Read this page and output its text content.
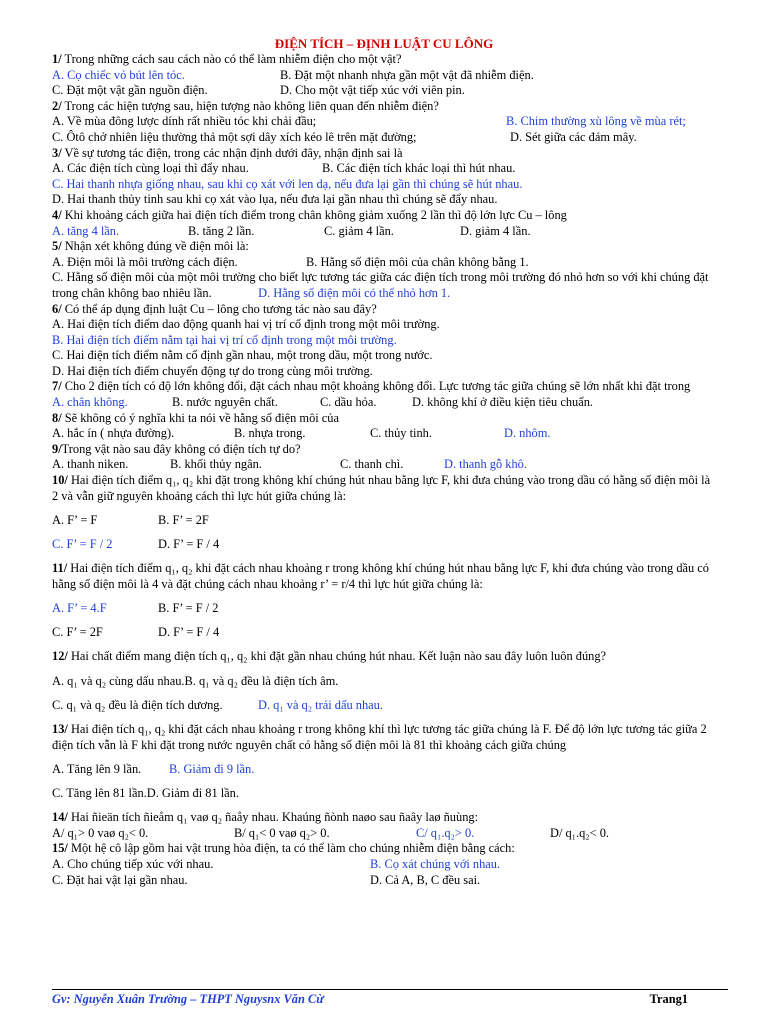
ĐIỆN TÍCH – ĐỊNH LUẬT CU LÔNG
1/ Trong những cách sau cách nào có thể làm nhiễm điện cho một vật?
A. Cọ chiếc vỏ bút lên tóc.	B. Đặt một nhanh nhựa gần một vật đã nhiễm điện.
C. Đặt một vật gần nguồn điện.	D. Cho một vật tiếp xúc với viên pin.
2/ Trong các hiện tượng sau, hiện tượng nào không liên quan đến nhiễm điện?
A. Về mùa đông lược dính rất nhiều tóc khi chải đầu;	B. Chim thường xù lông về mùa rét;
C. Ôtô chở nhiên liệu thường thả một sợi dây xích kéo lê trên mặt đường;	D. Sét giữa các đám mây.
3/ Về sự tương tác điện, trong các nhận định dưới đây, nhận định sai là
A. Các điện tích cùng loại thì đẩy nhau.	B. Các điện tích khác loại thì hút nhau.
C. Hai thanh nhựa giống nhau, sau khi cọ xát với len dạ, nếu đưa lại gần thì chúng sẽ hút nhau.
D. Hai thanh thủy tinh sau khi cọ xát vào lụa, nếu đưa lại gần nhau thì chúng sẽ đẩy nhau.
4/ Khi khoảng cách giữa hai điện tích điểm trong chân không giảm xuống 2 lần thì độ lớn lực Cu – lông
A. tăng 4 lần.	B. tăng 2 lần.	C. giảm 4 lần.	D. giảm 4 lần.
5/ Nhận xét không đúng về điện môi là:
A. Điện môi là môi trường cách điện.	B. Hằng số điện môi của chân không bằng 1.
C. Hằng số điện môi của một môi trường cho biết lực tương tác giữa các điện tích trong môi trường đó nhỏ hơn so với khi chúng đặt trong chân không bao nhiêu lần.	D. Hằng số điện môi có thể nhỏ hơn 1.
6/ Có thể áp dụng định luật Cu – lông cho tương tác nào sau đây?
A. Hai điện tích điểm dao động quanh hai vị trí cố định trong một môi trường.
B. Hai điện tích điểm nằm tại hai vị trí cố định trong một môi trường.
C. Hai điện tích điểm nằm cố định gần nhau, một trong dầu, một trong nước.
D. Hai điện tích điểm chuyển động tự do trong cùng môi trường.
7/ Cho 2 điện tích có độ lớn không đổi, đặt cách nhau một khoảng không đổi. Lực tương tác giữa chúng sẽ lớn nhất khi đặt trong
A. chân không.	B. nước nguyên chất.	C. dầu hỏa.	D. không khí ở điều kiện tiêu chuẩn.
8/ Sẽ không có ý nghĩa khi ta nói về hằng số điện môi của
A. hắc ín ( nhựa đường).	B. nhựa trong.	C. thủy tinh.	D. nhôm.
9/Trong vật nào sau đây không có điện tích tự do?
A. thanh niken.	B. khối thủy ngân.	C. thanh chì.	D. thanh gỗ khô.
10/ Hai điện tích điểm q₁, q₂ khi đặt trong không khí chúng hút nhau bằng lực F, khi đưa chúng vào trong dầu có hằng số điện môi là 2 và vẫn giữ nguyên khoảng cách thì lực hút giữa chúng là:
A. F’ = F	B. F’ = 2F
C. F’ = F / 2	D. F’ = F / 4
11/ Hai điện tích điểm q₁, q₂ khi đặt cách nhau khoảng r trong không khí chúng hút nhau bằng lực F, khi đưa chúng vào trong dầu có hằng số điện môi là 4 và đặt chúng cách nhau khoảng r’ = r/4 thì lực hút giữa chúng là:
A. F’ = 4.F	B. F’ = F / 2
C. F’ = 2F	D. F’ = F / 4
12/ Hai chất điểm mang điện tích q₁, q₂ khi đặt gần nhau chúng hút nhau. Kết luận nào sau đây luôn luôn đúng?
A. q₁ và q₂ cùng dấu nhau.B. q₁ và q₂ đều là điện tích âm.
C. q₁ và q₂ đều là điện tích dương.	D. q₁ và q₂ trái dấu nhau.
13/ Hai điện tích q₁, q₂ khi đặt cách nhau khoảng r trong không khí thì lực tương tác giữa chúng là F. Để độ lớn lực tương tác giữa 2 điện tích vẫn là F khi đặt trong nước nguyên chất có hằng số điện môi là 81 thì khoảng cách giữa chúng
A. Tăng lên 9 lần. B. Giảm đi 9 lần.
C. Tăng lên 81 lần.D. Giảm đi 81 lần.
14/ Hai ñieän tích ñieåm q₁ vaø q₂ ñaåy nhau. Khaúng ñònh naøo sau ñaây laø ñuùng:
A/ q₁> 0 vaø q₂< 0.	B/ q₁< 0 vaø q₂> 0.	C/ q₁.q₂> 0.	D/ q₁.q₂< 0.
15/ Một hệ cô lập gồm hai vật trung hòa điện, ta có thể làm cho chúng nhiễm điện bằng cách:
A. Cho chúng tiếp xúc với nhau.	B. Cọ xát chúng với nhau.
C. Đặt hai vật lại gần nhau.	D. Cả A, B, C đều sai.
Gv: Nguyễn Xuân Trường – THPT Nguysnx Văn Cừ	Trang1
